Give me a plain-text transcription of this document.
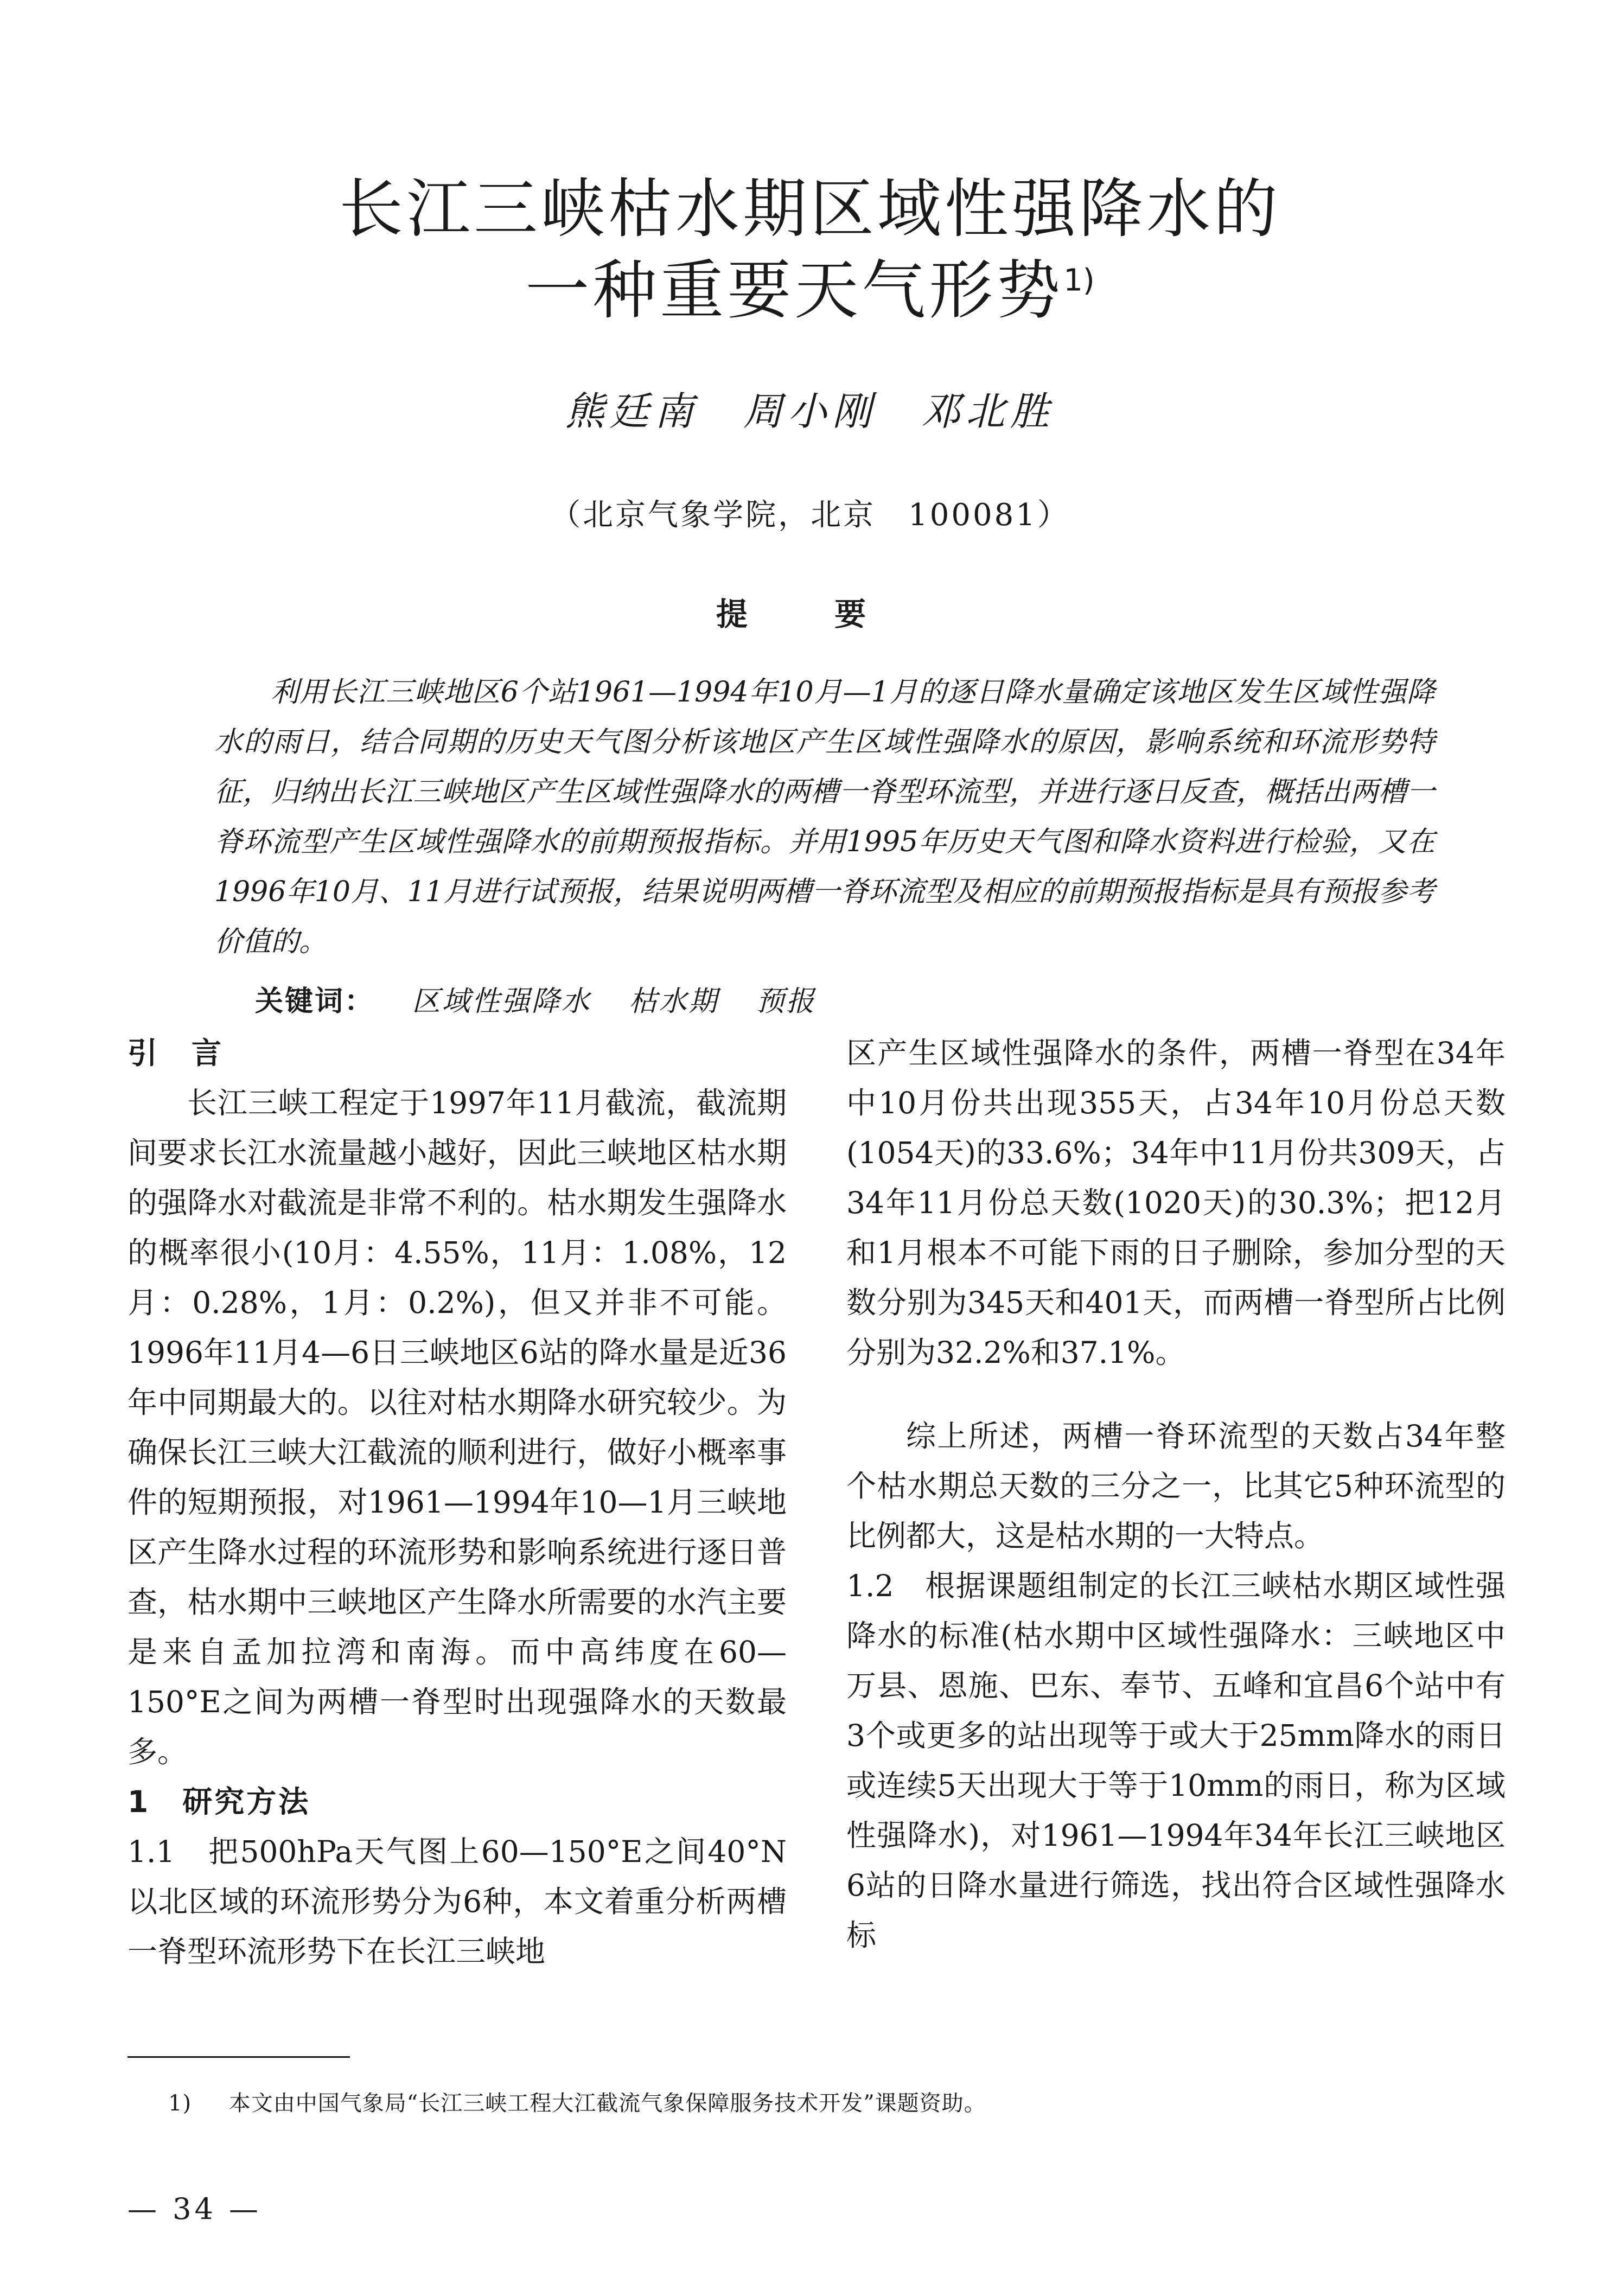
长江三峡枯水期区域性强降水的
一种重要天气形势$^{1)}$
熊廷南　周小刚　邓北胜
（北京气象学院，北京　100081）
提 要

利用长江三峡地区6个站1961—1994年10月—1月的逐日降水量确定该地区发生区域性强降水的雨日，结合同期的历史天气图分析该地区产生区域性强降水的原因，影响系统和环流形势特征，归纳出长江三峡地区产生区域性强降水的两槽一脊型环流型，并进行逐日反查，概括出两槽一脊环流型产生区域性强降水的前期预报指标。并用1995年历史天气图和降水资料进行检验，又在1996年10月、11月进行试预报，结果说明两槽一脊环流型及相应的前期预报指标是具有预报参考价值的。

关键词： 区域性强降水 枯水期 预报

引　言

长江三峡工程定于1997年11月截流，截流期间要求长江水流量越小越好，因此三峡地区枯水期的强降水对截流是非常不利的。枯水期发生强降水的概率很小(10月：4.55%，11月：1.08%，12月：0.28%，1月：0.2%)，但又并非不可能。1996年11月4—6日三峡地区6站的降水量是近36年中同期最大的。以往对枯水期降水研究较少。为确保长江三峡大江截流的顺利进行，做好小概率事件的短期预报，对1961—1994年10—1月三峡地区产生降水过程的环流形势和影响系统进行逐日普查，枯水期中三峡地区产生降水所需要的水汽主要是来自孟加拉湾和南海。而中高纬度在60—150°E之间为两槽一脊型时出现强降水的天数最多。

1　研究方法

1.1　把500hPa天气图上60—150°E之间40°N以北区域的环流形势分为6种，本文着重分析两槽一脊型环流形势下在长江三峡地

区产生区域性强降水的条件，两槽一脊型在34年中10月份共出现355天，占34年10月份总天数(1054天)的33.6%；34年中11月份共309天，占34年11月份总天数(1020天)的30.3%；把12月和1月根本不可能下雨的日子删除，参加分型的天数分别为345天和401天，而两槽一脊型所占比例分别为32.2%和37.1%。

综上所述，两槽一脊环流型的天数占34年整个枯水期总天数的三分之一，比其它5种环流型的比例都大，这是枯水期的一大特点。

1.2　根据课题组制定的长江三峡枯水期区域性强降水的标准(枯水期中区域性强降水：三峡地区中万县、恩施、巴东、奉节、五峰和宜昌6个站中有3个或更多的站出现等于或大于25mm降水的雨日或连续5天出现大于等于10mm的雨日，称为区域性强降水)，对1961—1994年34年长江三峡地区6站的日降水量进行筛选，找出符合区域性强降水标

1) 本文由中国气象局“长江三峡工程大江截流气象保障服务技术开发”课题资助。
— 34 —
